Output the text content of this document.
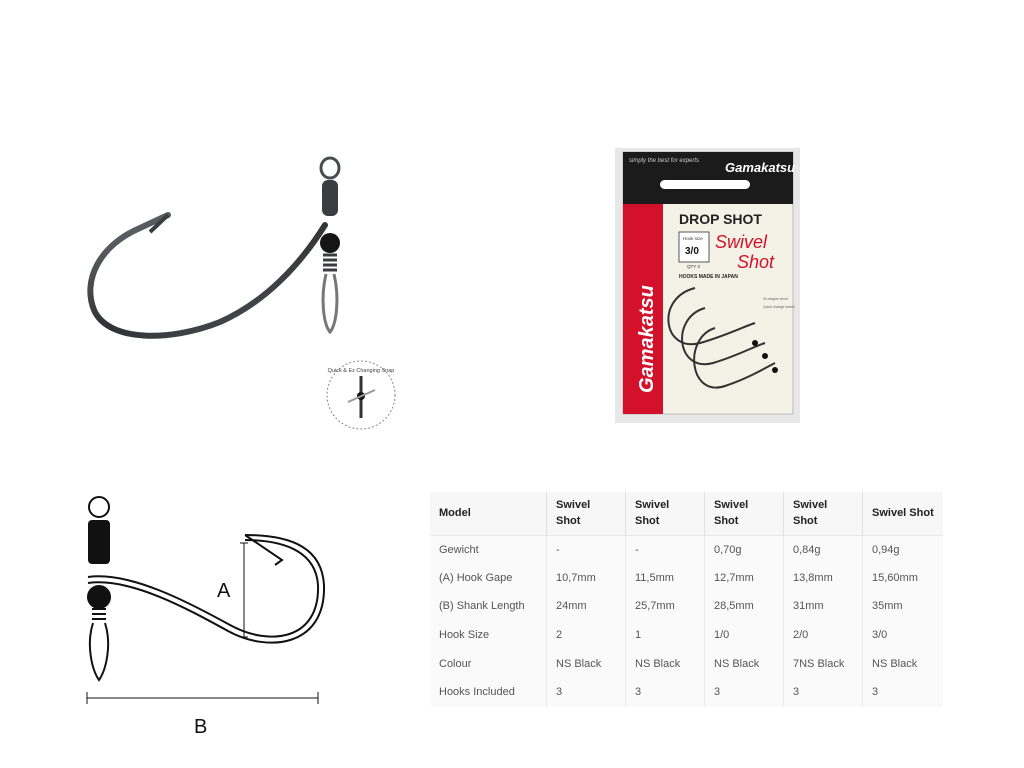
Quick & Ez Changing Snap
simply the best for experts Gamakatsu
Gamakatsu
DROP SHOT
Hook size
3/0
QTY 3
Swivel
Shot
HOOKS MADE IN JAPAN
90-degree bend
Quick change swivel
A
B
Model	Swivel Shot	Swivel Shot	Swivel Shot	Swivel Shot	Swivel Shot
Gewicht	-	-	0,70g	0,84g	0,94g
(A) Hook Gape	10,7mm	11,5mm	12,7mm	13,8mm	15,60mm
(B) Shank Length	24mm	25,7mm	28,5mm	31mm	35mm
Hook Size	2	1	1/0	2/0	3/0
Colour	NS Black	NS Black	NS Black	7NS Black	NS Black
Hooks Included	3	3	3	3	3
